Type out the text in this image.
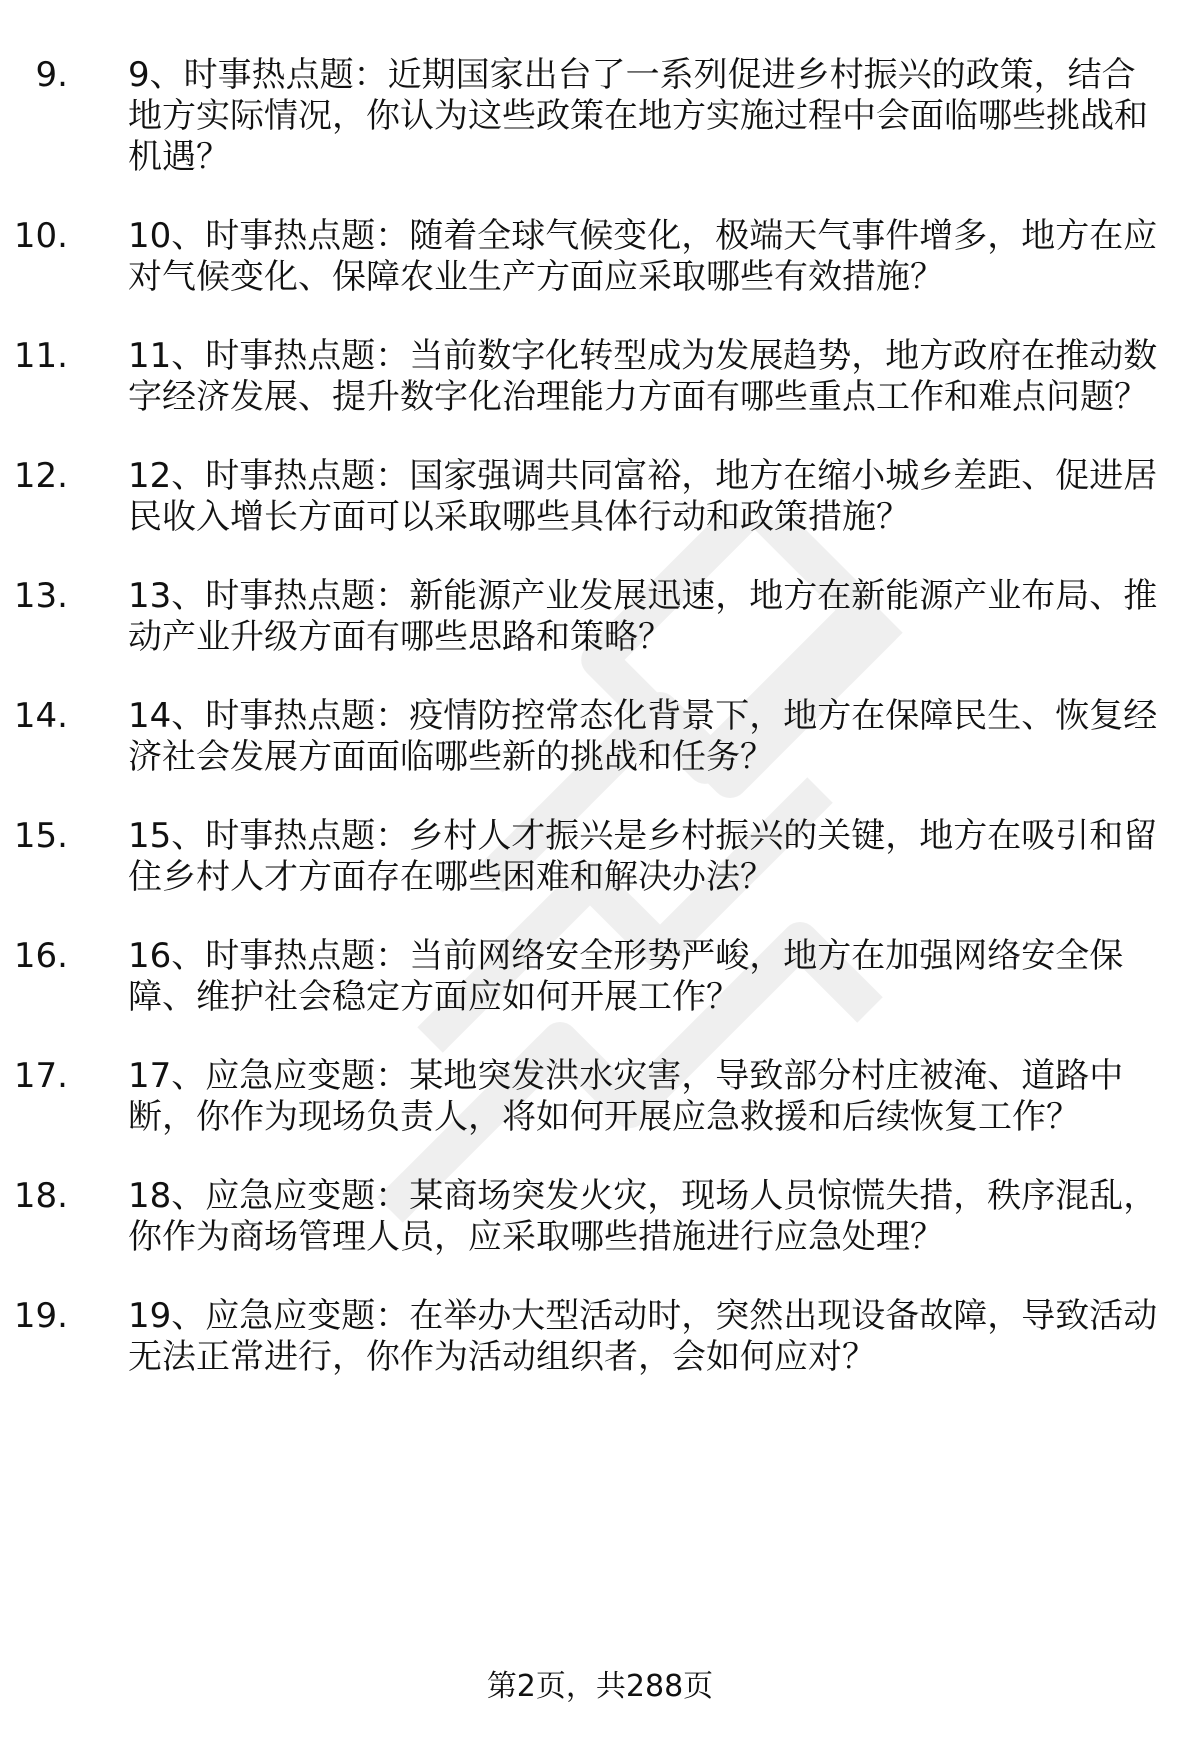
9. 9、时事热点题：近期国家出台了一系列促进乡村振兴的政策，结合地方实际情况，你认为这些政策在地方实施过程中会面临哪些挑战和机遇？
10. 10、时事热点题：随着全球气候变化，极端天气事件增多，地方在应对气候变化、保障农业生产方面应采取哪些有效措施？
11. 11、时事热点题：当前数字化转型成为发展趋势，地方政府在推动数字经济发展、提升数字化治理能力方面有哪些重点工作和难点问题？
12. 12、时事热点题：国家强调共同富裕，地方在缩小城乡差距、促进居民收入增长方面可以采取哪些具体行动和政策措施？
13. 13、时事热点题：新能源产业发展迅速，地方在新能源产业布局、推动产业升级方面有哪些思路和策略？
14. 14、时事热点题：疫情防控常态化背景下，地方在保障民生、恢复经济社会发展方面面临哪些新的挑战和任务？
15. 15、时事热点题：乡村人才振兴是乡村振兴的关键，地方在吸引和留住乡村人才方面存在哪些困难和解决办法？
16. 16、时事热点题：当前网络安全形势严峻，地方在加强网络安全保障、维护社会稳定方面应如何开展工作？
17. 17、应急应变题：某地突发洪水灾害，导致部分村庄被淹、道路中断，你作为现场负责人，将如何开展应急救援和后续恢复工作？
18. 18、应急应变题：某商场突发火灾，现场人员惊慌失措，秩序混乱，你作为商场管理人员，应采取哪些措施进行应急处理？
19. 19、应急应变题：在举办大型活动时，突然出现设备故障，导致活动无法正常进行，你作为活动组织者，会如何应对？
第2页，共288页
